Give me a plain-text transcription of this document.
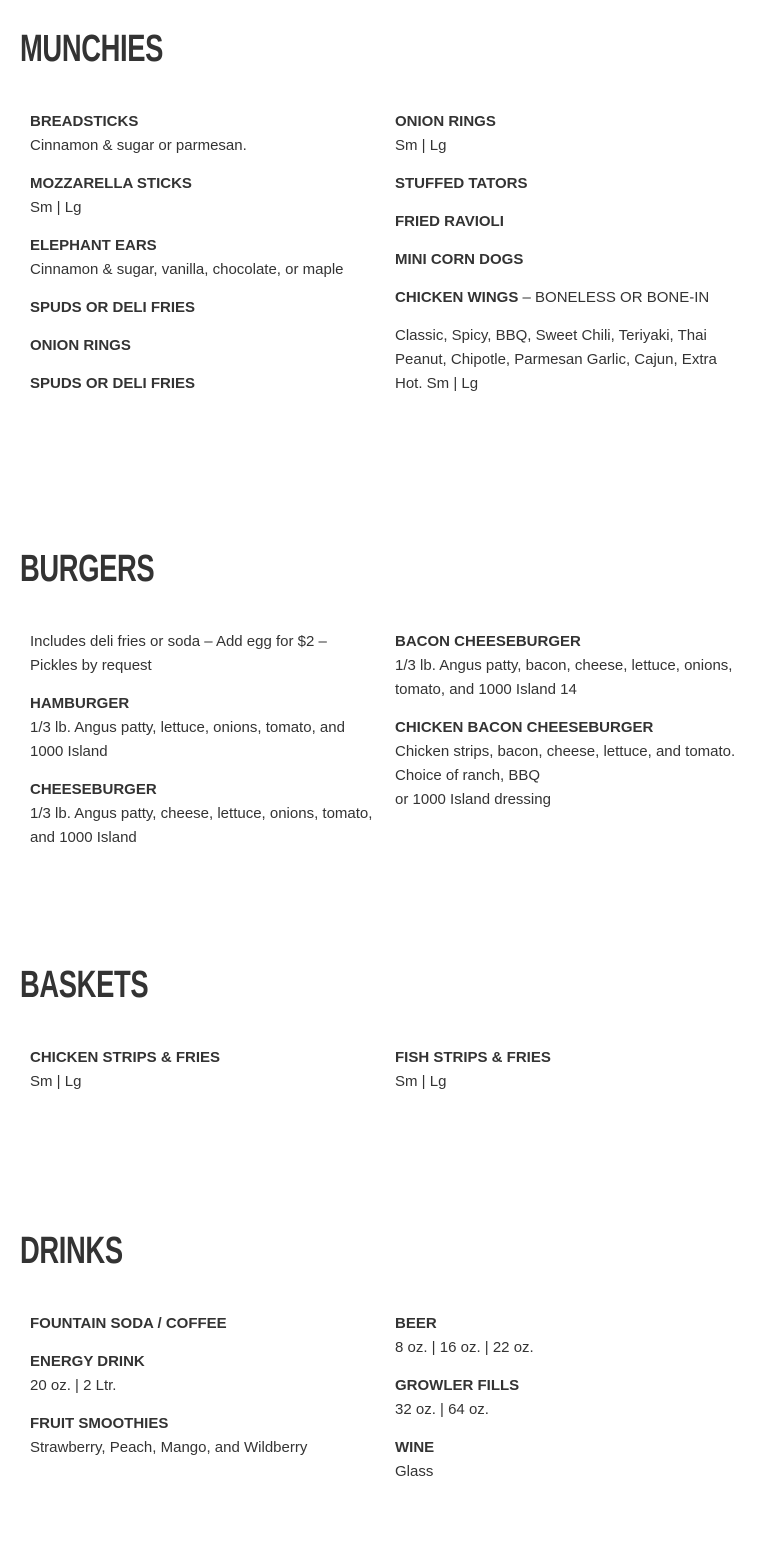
MUNCHIES
BREADSTICKS
Cinnamon & sugar or parmesan.
MOZZARELLA STICKS
Sm | Lg
ELEPHANT EARS
Cinnamon & sugar, vanilla, chocolate, or maple
SPUDS OR DELI FRIES
ONION RINGS
SPUDS OR DELI FRIES
ONION RINGS
Sm | Lg
STUFFED TATORS
FRIED RAVIOLI
MINI CORN DOGS
CHICKEN WINGS – BONELESS OR BONE-IN
Classic, Spicy, BBQ, Sweet Chili, Teriyaki, Thai Peanut, Chipotle, Parmesan Garlic, Cajun, Extra Hot. Sm | Lg
BURGERS
Includes deli fries or soda – Add egg for $2 – Pickles by request
HAMBURGER
1/3 lb. Angus patty, lettuce, onions, tomato, and 1000 Island
CHEESEBURGER
1/3 lb. Angus patty, cheese, lettuce, onions, tomato, and 1000 Island
BACON CHEESEBURGER
1/3 lb. Angus patty, bacon, cheese, lettuce, onions, tomato, and 1000 Island 14
CHICKEN BACON CHEESEBURGER
Chicken strips, bacon, cheese, lettuce, and tomato. Choice of ranch, BBQ
or 1000 Island dressing
BASKETS
CHICKEN STRIPS & FRIES
Sm | Lg
FISH STRIPS & FRIES
Sm | Lg
DRINKS
FOUNTAIN SODA / COFFEE
ENERGY DRINK
20 oz. | 2 Ltr.
FRUIT SMOOTHIES
Strawberry, Peach, Mango, and Wildberry
BEER
8 oz. | 16 oz. | 22 oz.
GROWLER FILLS
32 oz. | 64 oz.
WINE
Glass
